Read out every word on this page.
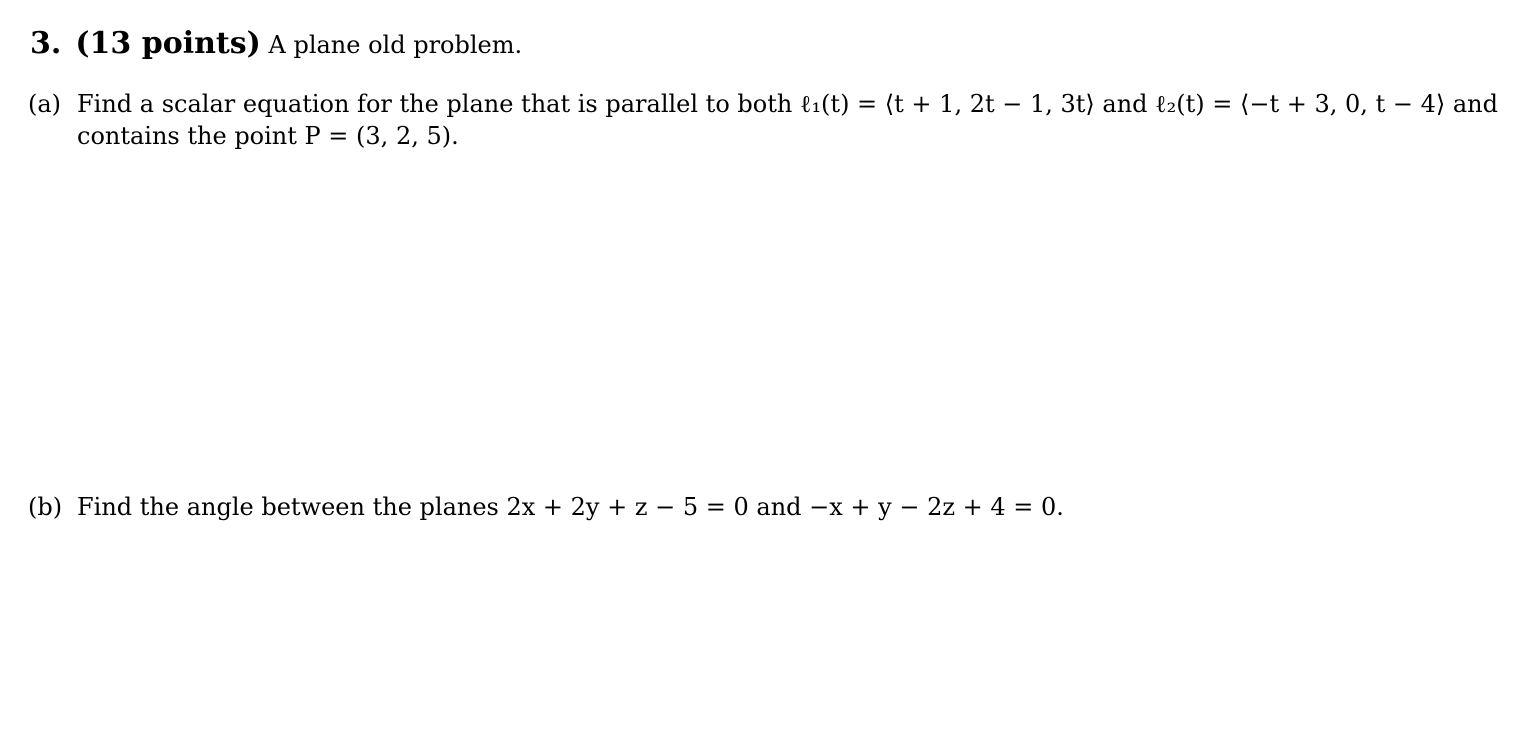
3. (13 points) A plane old problem.
(a) Find a scalar equation for the plane that is parallel to both ℓ₁(t) = ⟨t + 1, 2t − 1, 3t⟩ and ℓ₂(t) = ⟨−t + 3, 0, t − 4⟩ and
contains the point P = (3, 2, 5).
(b) Find the angle between the planes 2x + 2y + z − 5 = 0 and −x + y − 2z + 4 = 0.
